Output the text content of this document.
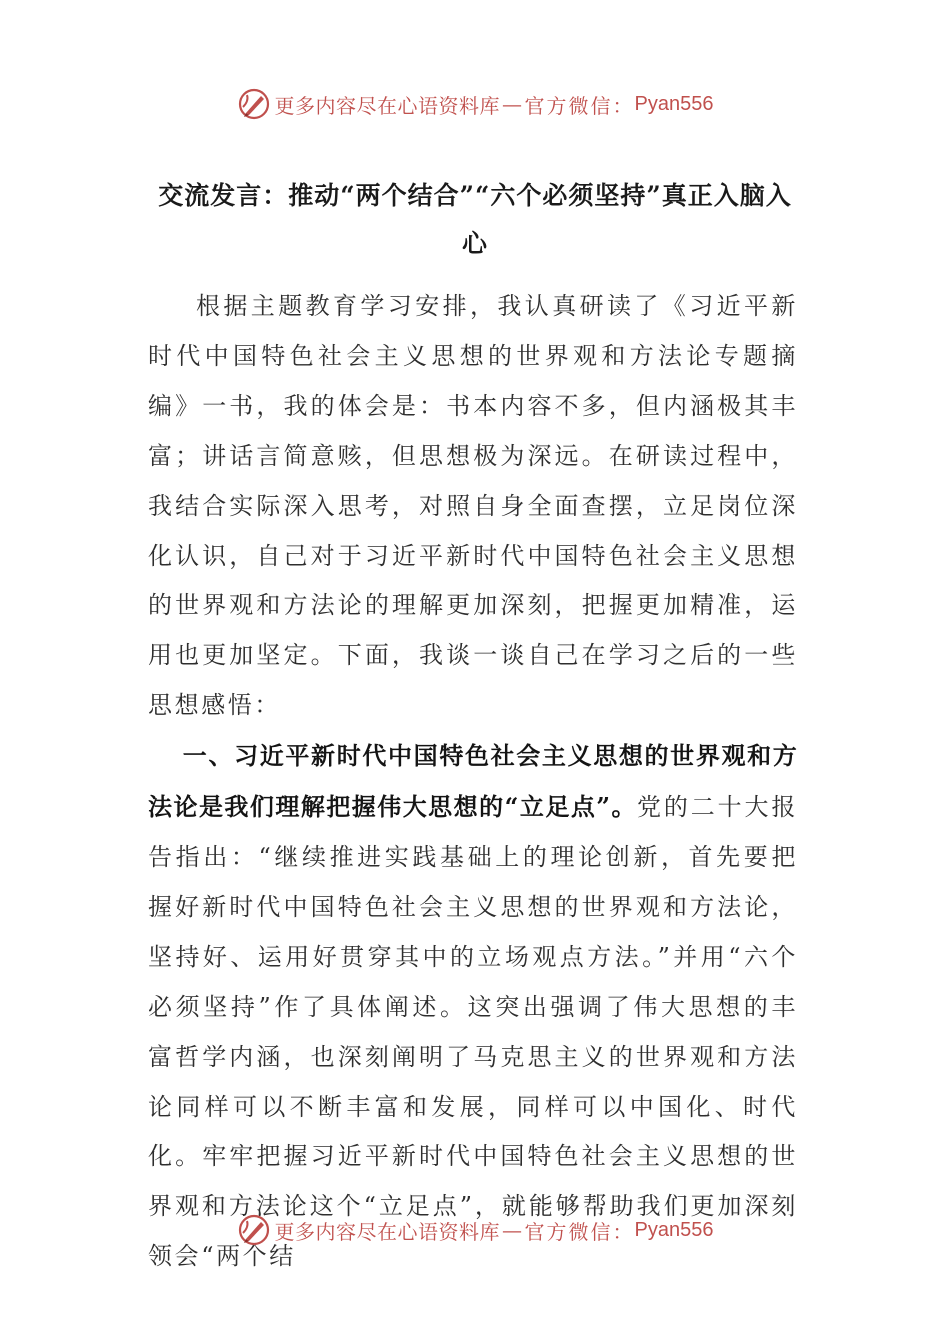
更多内容尽在心语资料库 — 官方微信： Pyan556
交流发言：推动“两个结合”“六个必须坚持”真正入脑入心

根据主题教育学习安排，我认真研读了《习近平新时代中国特色社会主义思想的世界观和方法论专题摘编》一书，我的体会是：书本内容不多，但内涵极其丰富；讲话言简意赅，但思想极为深远。在研读过程中，我结合实际深入思考，对照自身全面查摆，立足岗位深化认识，自己对于习近平新时代中国特色社会主义思想的世界观和方法论的理解更加深刻，把握更加精准，运用也更加坚定。下面，我谈一谈自己在学习之后的一些思想感悟：

一、习近平新时代中国特色社会主义思想的世界观和方法论是我们理解把握伟大思想的“立足点”。党的二十大报告指出：“继续推进实践基础上的理论创新，首先要把握好新时代中国特色社会主义思想的世界观和方法论，坚持好、运用好贯穿其中的立场观点方法。”并用“六个必须坚持”作了具体阐述。这突出强调了伟大思想的丰富哲学内涵，也深刻阐明了马克思主义的世界观和方法论同样可以不断丰富和发展，同样可以中国化、时代化。牢牢把握习近平新时代中国特色社会主义思想的世界观和方法论这个“立足点”，就能够帮助我们更加深刻领会“两个结

更多内容尽在心语资料库 — 官方微信： Pyan556
